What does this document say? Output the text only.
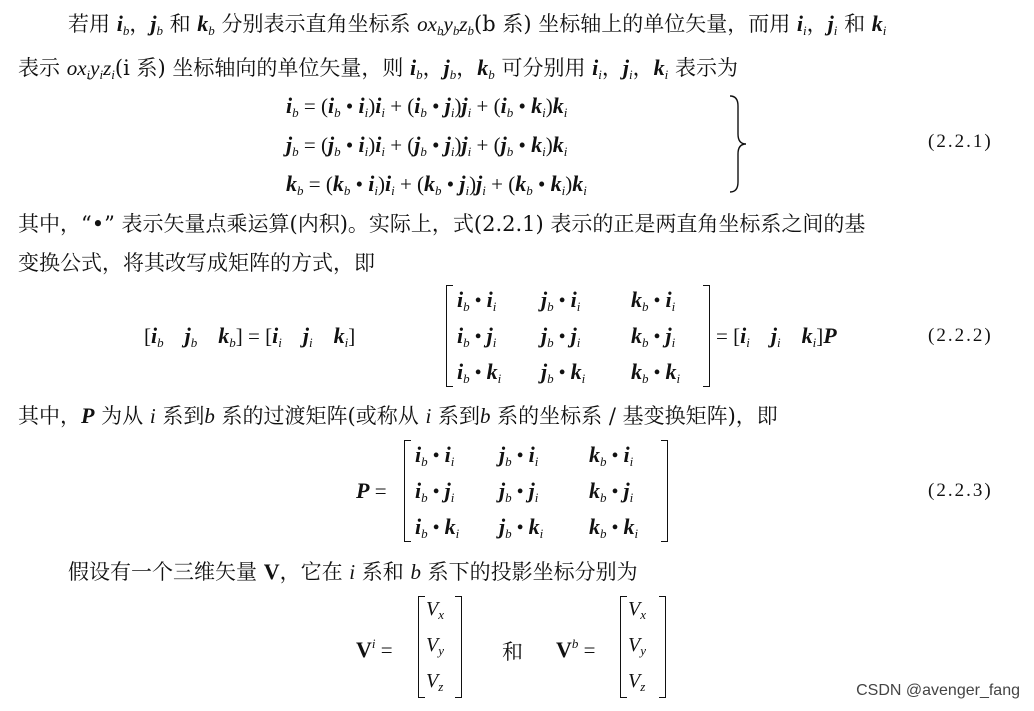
若用 ib，jb 和 kb 分别表示直角坐标系 oxbybzb(b 系) 坐标轴上的单位矢量，而用 ii，ji 和 ki
表示 oxiyizi(i 系) 坐标轴向的单位矢量，则 ib，jb，kb 可分别用 ii，ji，ki 表示为
ib = (ib • ii)ii + (ib • ji)ji + (ib • ki)ki
jb = (jb • ii)ii + (jb • ji)ji + (jb • ki)ki
kb = (kb • ii)ii + (kb • ji)ji + (kb • ki)ki
(2.2.1)
其中，“•” 表示矢量点乘运算(内积)。实际上，式(2.2.1) 表示的正是两直角坐标系之间的基
变换公式，将其改写成矩阵的方式，即
[ib jb kb] = [ii ji ki]
$i_b$ • $i_i$ $j_b$ • $i_i$ $k_b$ • $i_i$
$i_b$ • $j_i$ $j_b$ • $j_i$ $k_b$ • $j_i$
$i_b$ • $k_i$ $j_b$ • $k_i$ $k_b$ • $k_i$
= [ii ji ki]P	(2.2.2)
其中，P 为从 i 系到b 系的过渡矩阵(或称从 i 系到b 系的坐标系 / 基变换矩阵)，即
P =
$i_b$ • $i_i$ $j_b$ • $i_i$ $k_b$ • $i_i$
$i_b$ • $j_i$ $j_b$ • $j_i$ $k_b$ • $j_i$
$i_b$ • $k_i$ $j_b$ • $k_i$ $k_b$ • $k_i$
(2.2.3)
假设有一个三维矢量 V，它在 i 系和 b 系下的投影坐标分别为
$V^i$ =
$V_x$
$V_y$
$V_z$
和 $V^b$ =
$V_x$
$V_y$
$V_z$	CSDN @avenger_fang
